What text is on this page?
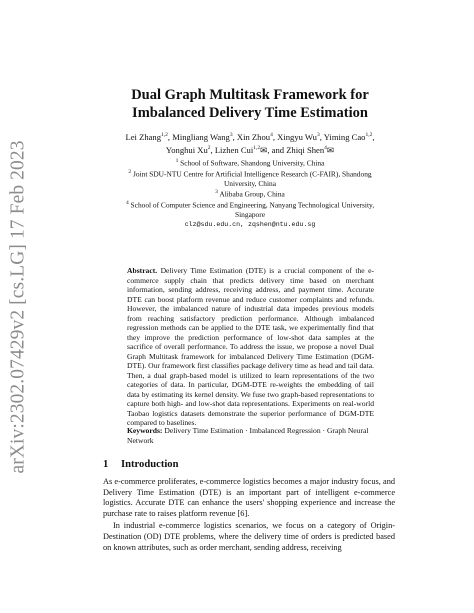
arXiv:2302.07429v2 [cs.LG] 17 Feb 2023
Dual Graph Multitask Framework for
Imbalanced Delivery Time Estimation
Lei Zhang$^{1,2}$, Mingliang Wang$^3$, Xin Zhou$^4$, Xingyu Wu$^3$, Yiming Cao$^{1,2}$,
Yonghui Xu$^2$, Lizhen Cui$^{1,2}$✉, and Zhiqi Shen$^4$✉
$^1$ School of Software, Shandong University, China
$^2$ Joint SDU-NTU Centre for Artificial Intelligence Research (C-FAIR), Shandong
University, China
$^3$ Alibaba Group, China
$^4$ School of Computer Science and Engineering, Nanyang Technological University,
Singapore
clz@sdu.edu.cn, zqshen@ntu.edu.sg
Abstract. Delivery Time Estimation (DTE) is a crucial component of the e-commerce supply chain that predicts delivery time based on merchant information, sending address, receiving address, and payment time. Accurate DTE can boost platform revenue and reduce customer complaints and refunds. However, the imbalanced nature of industrial data impedes previous models from reaching satisfactory prediction performance. Although imbalanced regression methods can be applied to the DTE task, we experimentally find that they improve the prediction performance of low-shot data samples at the sacrifice of overall performance. To address the issue, we propose a novel Dual Graph Multitask framework for imbalanced Delivery Time Estimation (DGM-DTE). Our framework first classifies package delivery time as head and tail data. Then, a dual graph-based model is utilized to learn representations of the two categories of data. In particular, DGM-DTE re-weights the embedding of tail data by estimating its kernel density. We fuse two graph-based representations to capture both high- and low-shot data representations. Experiments on real-world Taobao logistics datasets demonstrate the superior performance of DGM-DTE compared to baselines.
Keywords: Delivery Time Estimation · Imbalanced Regression · Graph Neural Network
1 Introduction

As e-commerce proliferates, e-commerce logistics becomes a major industry focus, and Delivery Time Estimation (DTE) is an important part of intelligent e-commerce logistics. Accurate DTE can enhance the users' shopping experience and increase the purchase rate to raises platform revenue [6].

In industrial e-commerce logistics scenarios, we focus on a category of Origin-Destination (OD) DTE problems, where the delivery time of orders is predicted based on known attributes, such as order merchant, sending address, receiving
